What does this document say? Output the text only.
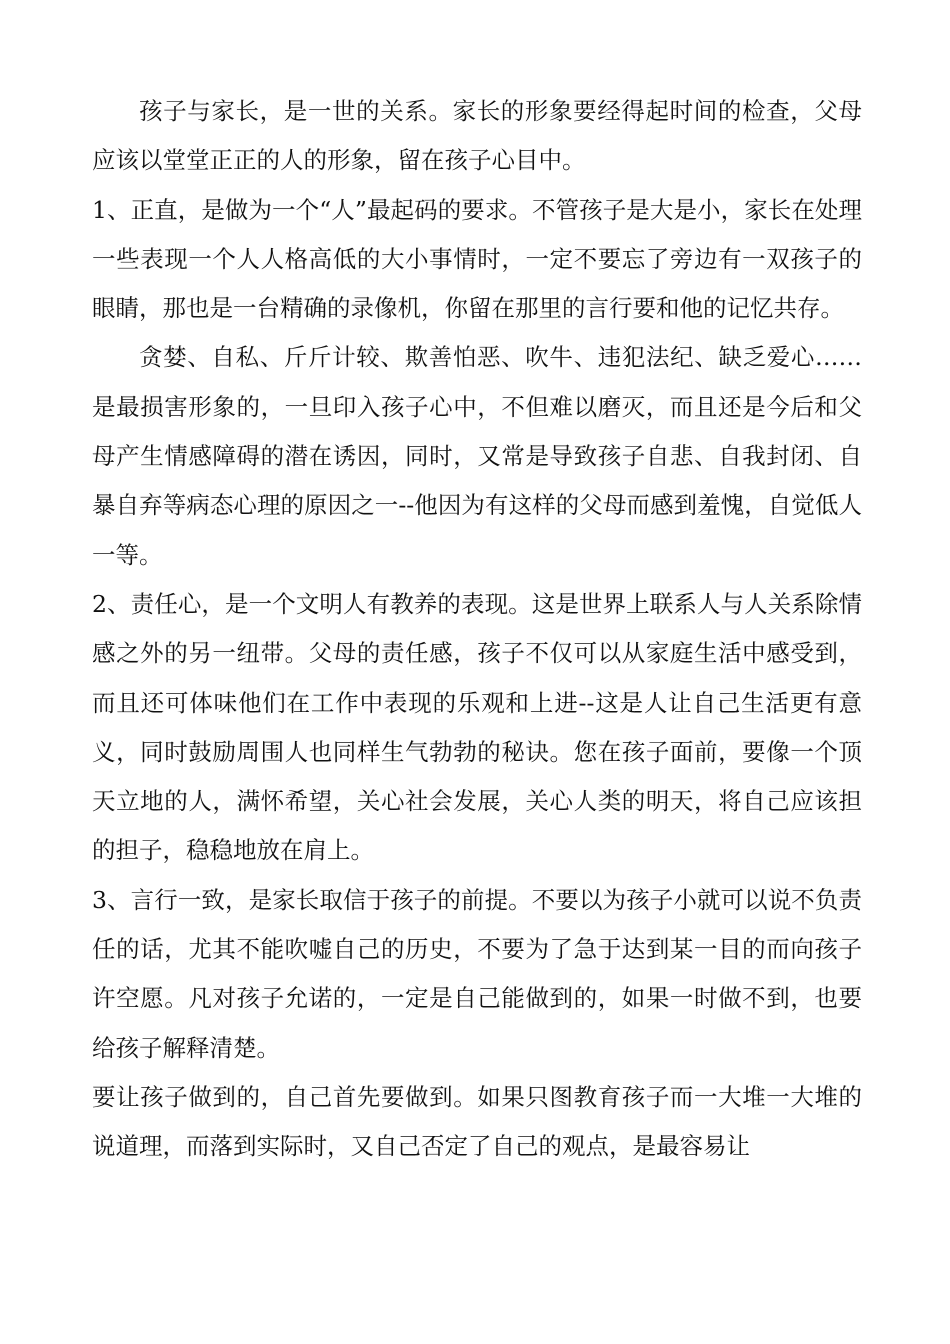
孩子与家长，是一世的关系。家长的形象要经得起时间的检查，父母应该以堂堂正正的人的形象，留在孩子心目中。

1、正直，是做为一个“人”最起码的要求。不管孩子是大是小，家长在处理一些表现一个人人格高低的大小事情时，一定不要忘了旁边有一双孩子的眼睛，那也是一台精确的录像机，你留在那里的言行要和他的记忆共存。

贪婪、自私、斤斤计较、欺善怕恶、吹牛、违犯法纪、缺乏爱心……是最损害形象的，一旦印入孩子心中，不但难以磨灭，而且还是今后和父母产生情感障碍的潜在诱因，同时，又常是导致孩子自悲、自我封闭、自暴自弃等病态心理的原因之一--他因为有这样的父母而感到羞愧，自觉低人一等。

2、责任心，是一个文明人有教养的表现。这是世界上联系人与人关系除情感之外的另一纽带。父母的责任感，孩子不仅可以从家庭生活中感受到，而且还可体味他们在工作中表现的乐观和上进--这是人让自己生活更有意义，同时鼓励周围人也同样生气勃勃的秘诀。您在孩子面前，要像一个顶天立地的人，满怀希望，关心社会发展，关心人类的明天，将自己应该担的担子，稳稳地放在肩上。

3、言行一致，是家长取信于孩子的前提。不要以为孩子小就可以说不负责任的话，尤其不能吹嘘自己的历史，不要为了急于达到某一目的而向孩子许空愿。凡对孩子允诺的，一定是自己能做到的，如果一时做不到，也要给孩子解释清楚。

要让孩子做到的，自己首先要做到。如果只图教育孩子而一大堆一大堆的说道理，而落到实际时，又自己否定了自己的观点，是最容易让
